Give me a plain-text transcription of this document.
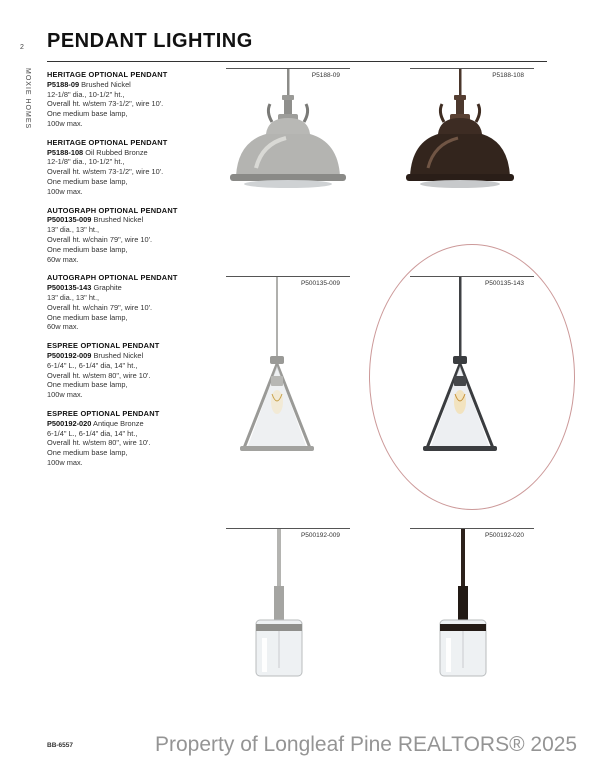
2
MOXIE HOMES
PENDANT LIGHTING
HERITAGE OPTIONAL PENDANT
P5188-09 Brushed Nickel
12-1/8" dia., 10-1/2" ht.,
Overall ht. w/stem 73-1/2", wire 10'.
One medium base lamp,
100w max.
HERITAGE OPTIONAL PENDANT
P5188-108 Oil Rubbed Bronze
12-1/8" dia., 10-1/2" ht.,
Overall ht. w/stem 73-1/2", wire 10'.
One medium base lamp,
100w max.
AUTOGRAPH OPTIONAL PENDANT
P500135-009 Brushed Nickel
13" dia., 13" ht.,
Overall ht. w/chain 79", wire 10'.
One medium base lamp,
60w max.
AUTOGRAPH OPTIONAL PENDANT
P500135-143 Graphite
13" dia., 13" ht.,
Overall ht. w/chain 79", wire 10'.
One medium base lamp,
60w max.
ESPREE OPTIONAL PENDANT
P500192-009 Brushed Nickel
6-1/4" L., 6-1/4" dia, 14" ht.,
Overall ht. w/stem 80", wire 10'.
One medium base lamp,
100w max.
ESPREE OPTIONAL PENDANT
P500192-020 Antique Bronze
6-1/4" L., 6-1/4" dia, 14" ht.,
Overall ht. w/stem 80", wire 10'.
One medium base lamp,
100w max.
P5188-09	P5188-108
P500135-009	P500135-143
P500192-009	P500192-020
BB-6557	Property of Longleaf Pine REALTORS® 2025
